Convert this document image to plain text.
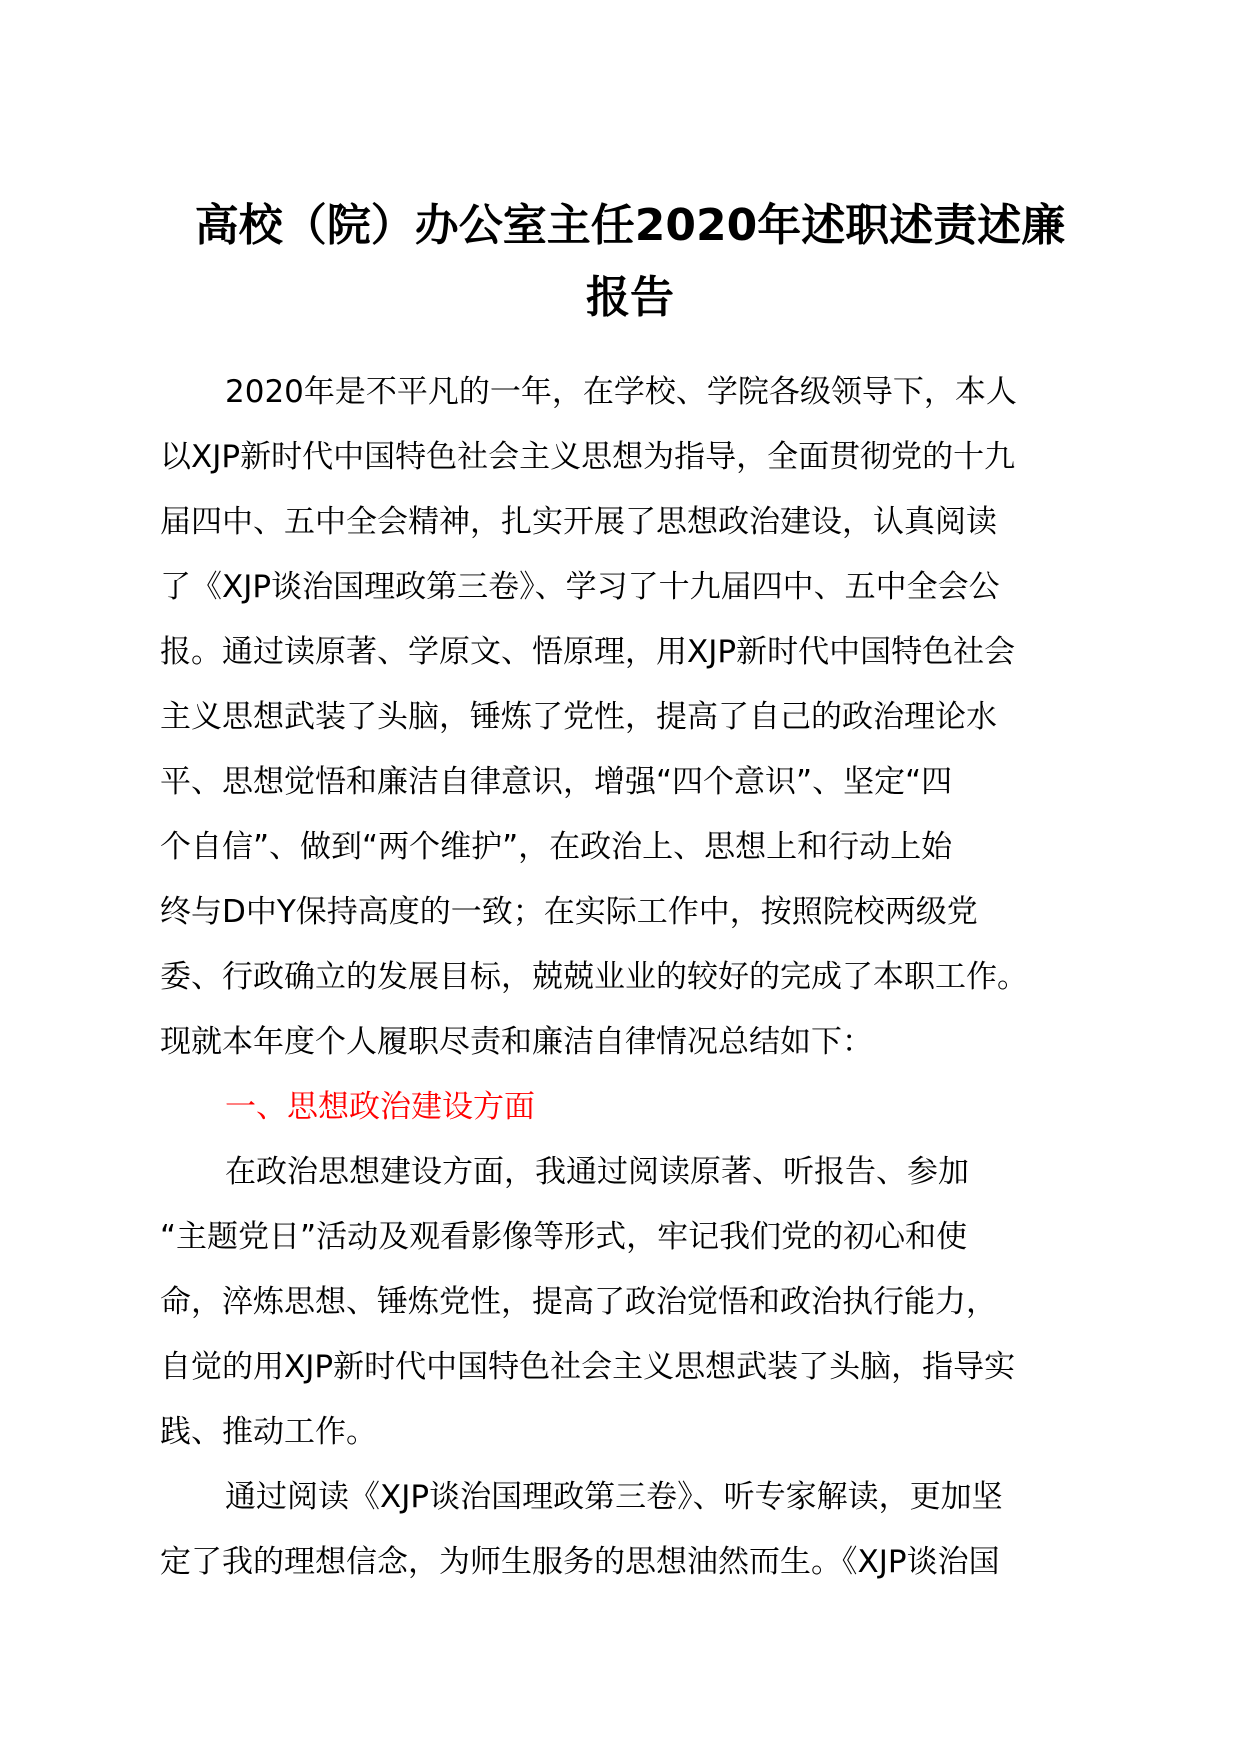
高校（院）办公室主任2020年述职述责述廉
报告
2020年是不平凡的一年，在学校、学院各级领导下，本人
以XJP新时代中国特色社会主义思想为指导，全面贯彻党的十九
届四中、五中全会精神，扎实开展了思想政治建设，认真阅读
了《XJP谈治国理政第三卷》、学习了十九届四中、五中全会公
报。通过读原著、学原文、悟原理，用XJP新时代中国特色社会
主义思想武装了头脑，锤炼了党性，提高了自己的政治理论水
平、思想觉悟和廉洁自律意识，增强“四个意识”、坚定“四
个自信”、做到“两个维护”，在政治上、思想上和行动上始
终与D中Y保持高度的一致；在实际工作中，按照院校两级党
委、行政确立的发展目标，兢兢业业的较好的完成了本职工作。
现就本年度个人履职尽责和廉洁自律情况总结如下：
一、思想政治建设方面
在政治思想建设方面，我通过阅读原著、听报告、参加
“主题党日”活动及观看影像等形式，牢记我们党的初心和使
命，淬炼思想、锤炼党性，提高了政治觉悟和政治执行能力，
自觉的用XJP新时代中国特色社会主义思想武装了头脑，指导实
践、推动工作。
通过阅读《XJP谈治国理政第三卷》、听专家解读，更加坚
定了我的理想信念，为师生服务的思想油然而生。《XJP谈治国
